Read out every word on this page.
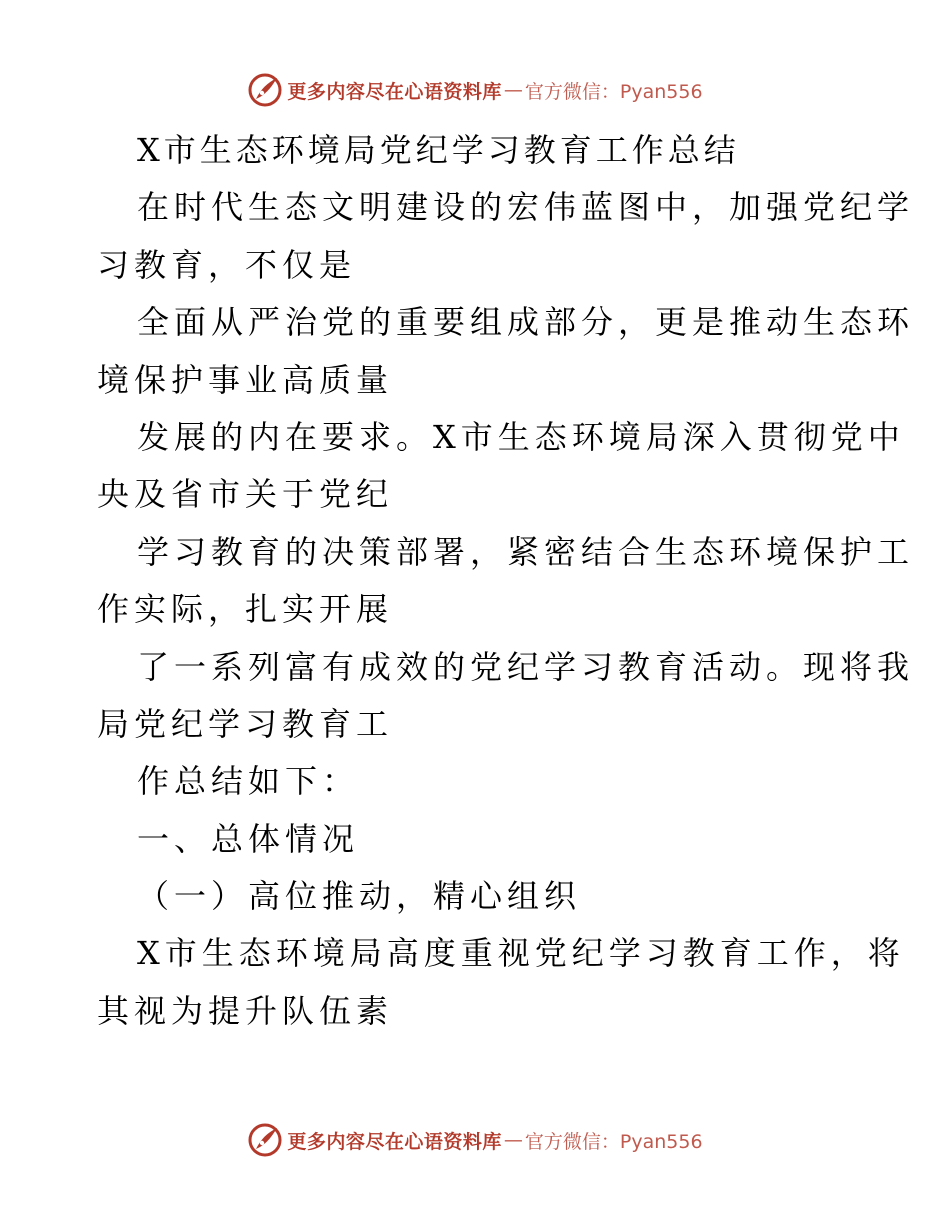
更多内容尽在心语资料库 — 官方微信：Pyan556
X市生态环境局党纪学习教育工作总结
在时代生态文明建设的宏伟蓝图中，加强党纪学
习教育，不仅是
全面从严治党的重要组成部分，更是推动生态环
境保护事业高质量
发展的内在要求。X市生态环境局深入贯彻党中
央及省市关于党纪
学习教育的决策部署，紧密结合生态环境保护工
作实际，扎实开展
了一系列富有成效的党纪学习教育活动。现将我
局党纪学习教育工
作总结如下：
一、总体情况
（一）高位推动，精心组织
X市生态环境局高度重视党纪学习教育工作，将
其视为提升队伍素
更多内容尽在心语资料库 — 官方微信：Pyan556
